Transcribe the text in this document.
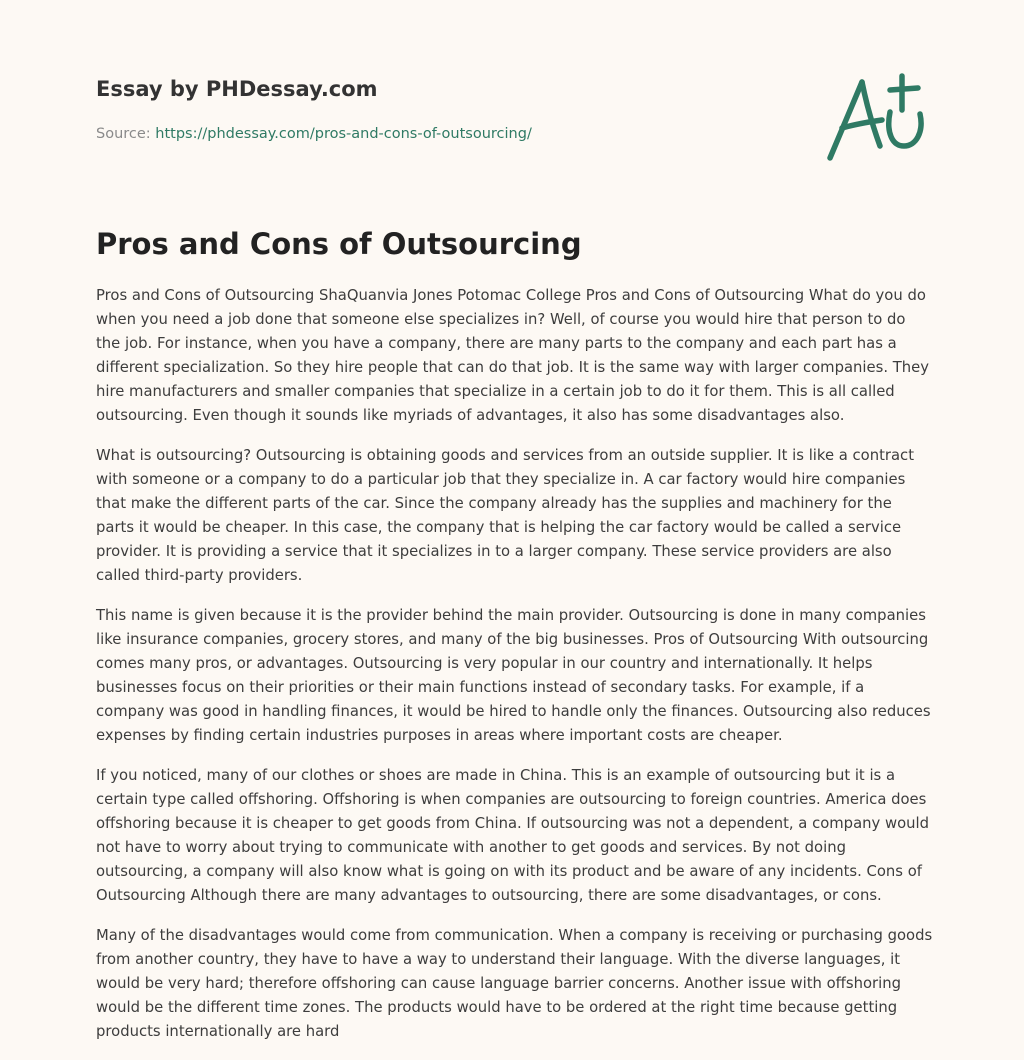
Essay by PHDessay.com
Source: https://phdessay.com/pros-and-cons-of-outsourcing/
Pros and Cons of Outsourcing

Pros and Cons of Outsourcing ShaQuanvia Jones Potomac College Pros and Cons of Outsourcing What do you do when you need a job done that someone else specializes in? Well, of course you would hire that person to do the job. For instance, when you have a company, there are many parts to the company and each part has a different specialization. So they hire people that can do that job. It is the same way with larger companies. They hire manufacturers and smaller companies that specialize in a certain job to do it for them. This is all called outsourcing. Even though it sounds like myriads of advantages, it also has some disadvantages also.

What is outsourcing? Outsourcing is obtaining goods and services from an outside supplier. It is like a contract with someone or a company to do a particular job that they specialize in. A car factory would hire companies that make the different parts of the car. Since the company already has the supplies and machinery for the parts it would be cheaper. In this case, the company that is helping the car factory would be called a service provider. It is providing a service that it specializes in to a larger company. These service providers are also called third-party providers.

This name is given because it is the provider behind the main provider. Outsourcing is done in many companies like insurance companies, grocery stores, and many of the big businesses. Pros of Outsourcing With outsourcing comes many pros, or advantages. Outsourcing is very popular in our country and internationally. It helps businesses focus on their priorities or their main functions instead of secondary tasks. For example, if a company was good in handling finances, it would be hired to handle only the finances. Outsourcing also reduces expenses by finding certain industries purposes in areas where important costs are cheaper.

If you noticed, many of our clothes or shoes are made in China. This is an example of outsourcing but it is a certain type called offshoring. Offshoring is when companies are outsourcing to foreign countries. America does offshoring because it is cheaper to get goods from China. If outsourcing was not a dependent, a company would not have to worry about trying to communicate with another to get goods and services. By not doing outsourcing, a company will also know what is going on with its product and be aware of any incidents. Cons of Outsourcing Although there are many advantages to outsourcing, there are some disadvantages, or cons.

Many of the disadvantages would come from communication. When a company is receiving or purchasing goods from another country, they have to have a way to understand their language. With the diverse languages, it would be very hard; therefore offshoring can cause language barrier concerns. Another issue with offshoring would be the different time zones. The products would have to be ordered at the right time because getting products internationally are hard
